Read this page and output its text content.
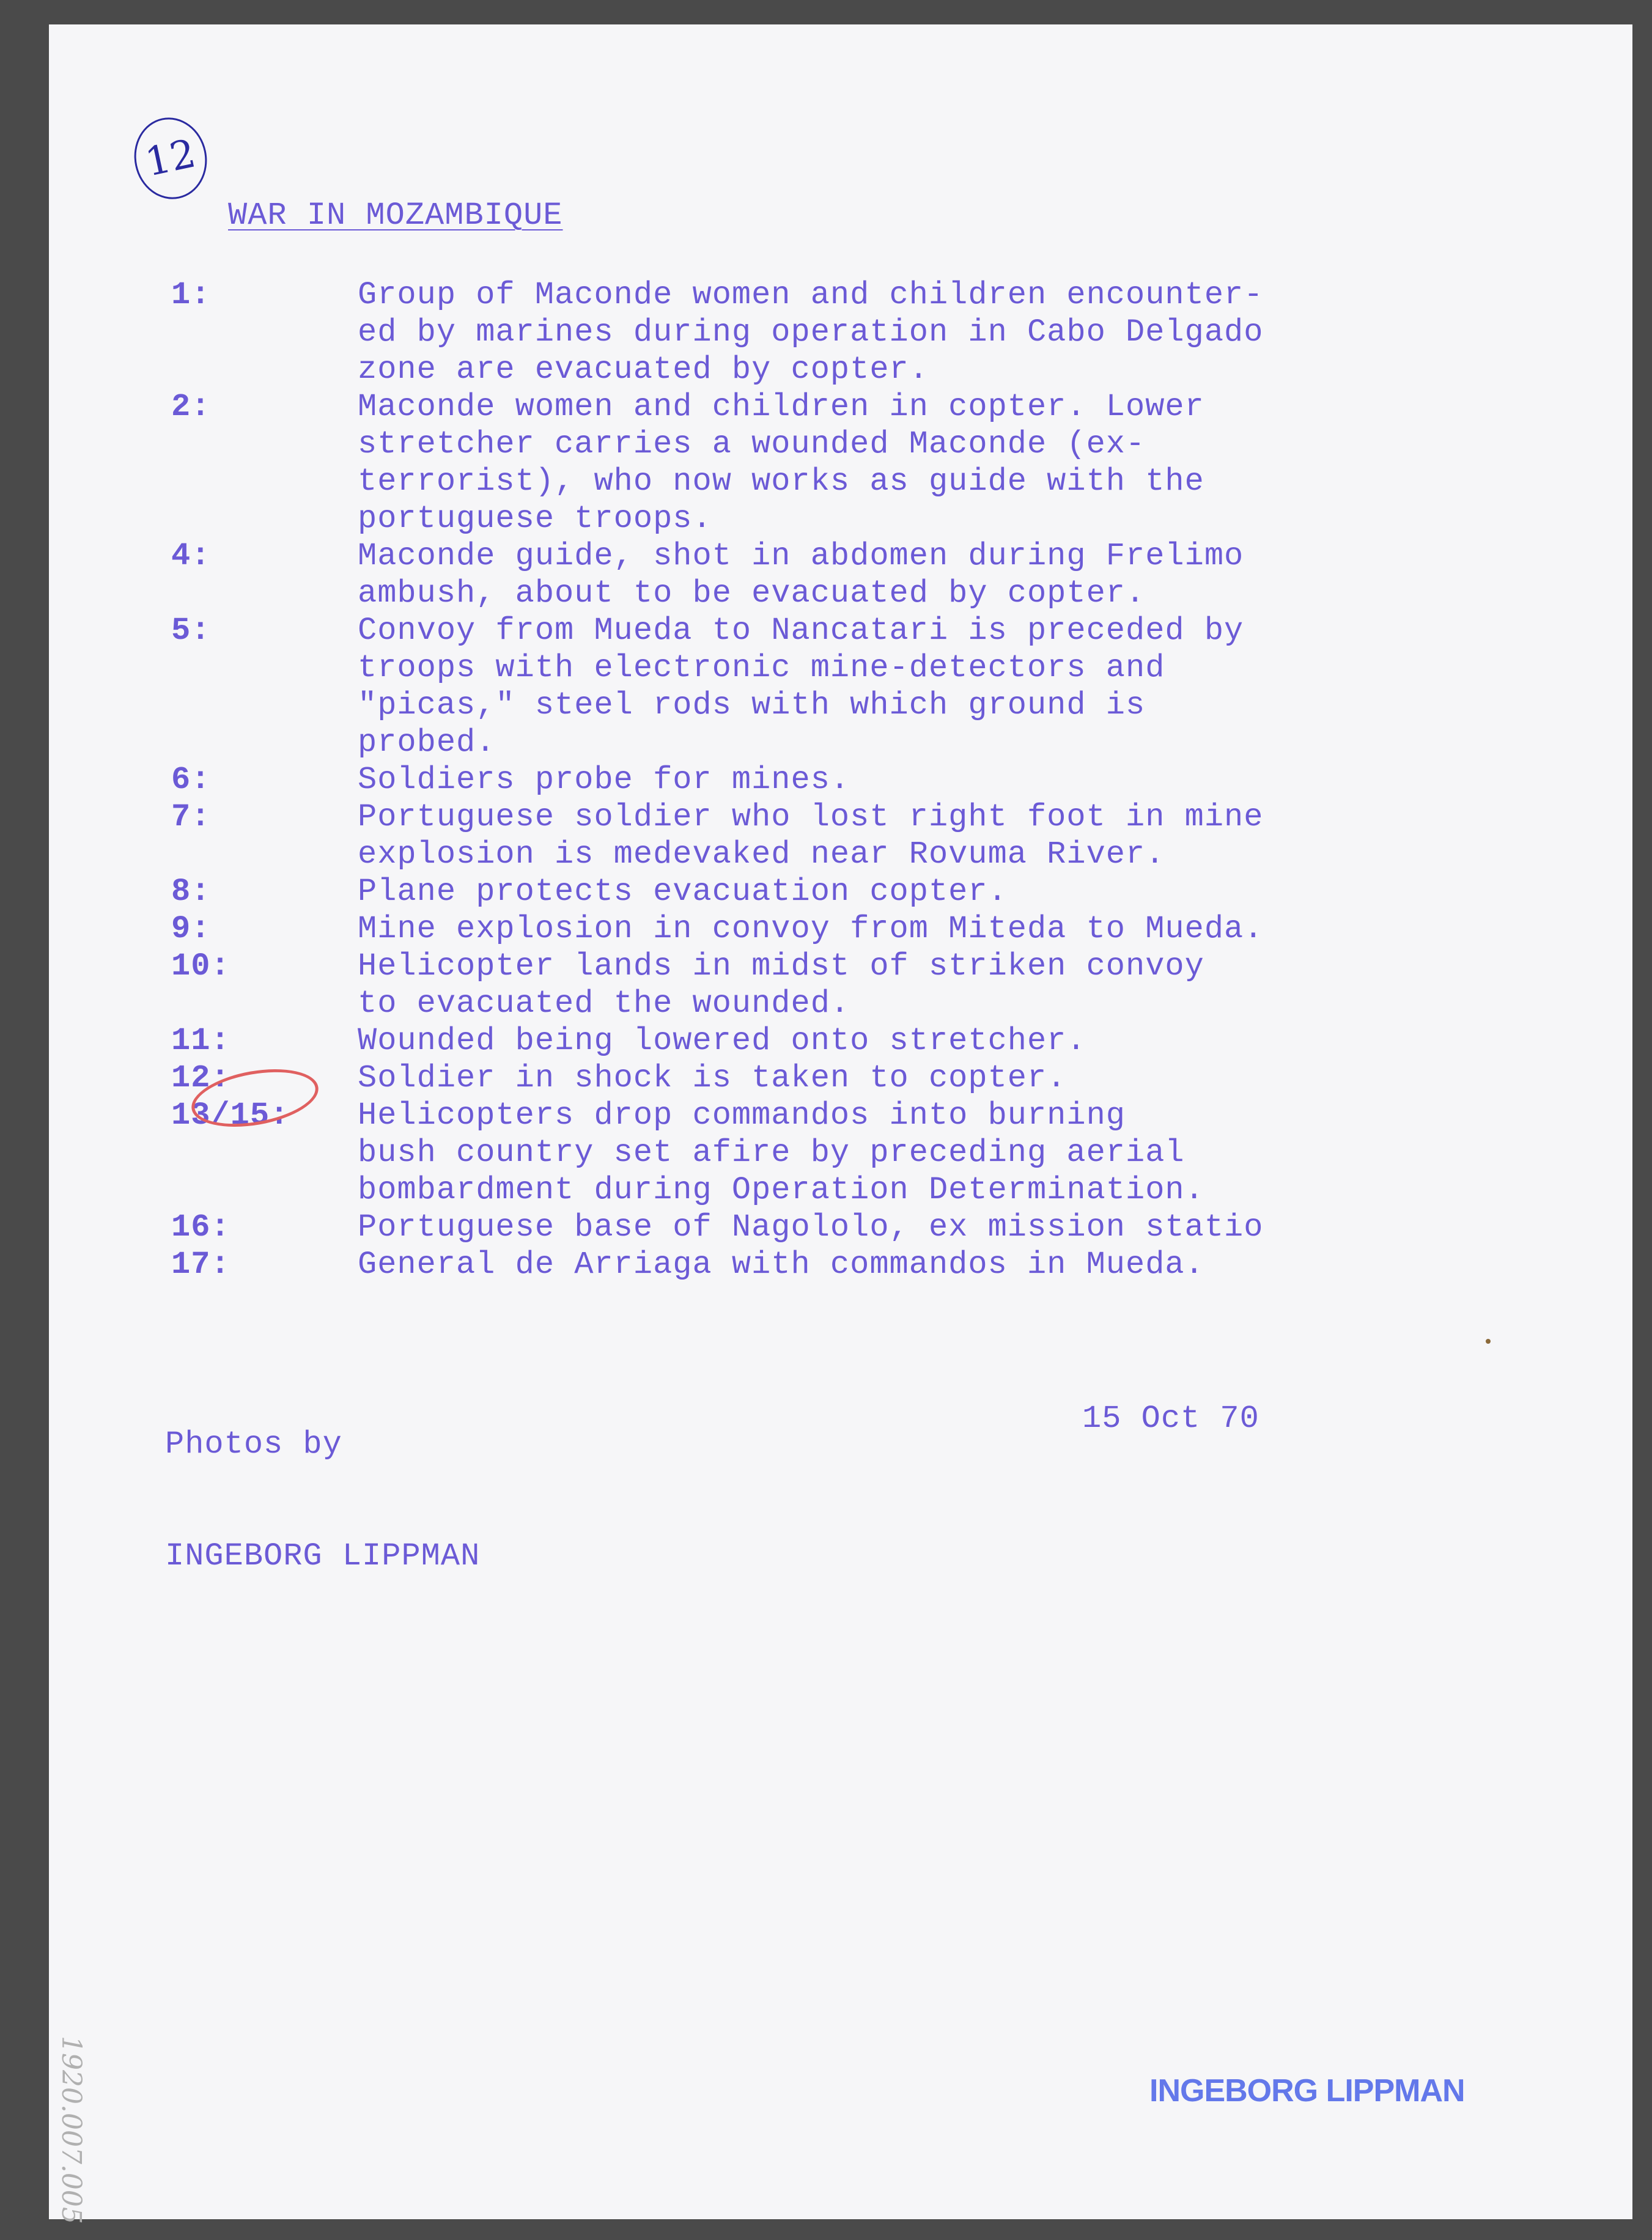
12
WAR IN MOZAMBIQUE
1:	Group of Maconde women and children encounter-
ed by marines during operation in Cabo Delgado
zone are evacuated by copter.
2:	Maconde women and children in copter. Lower
stretcher carries a wounded Maconde (ex-
terrorist), who now works as guide with the
portuguese troops.
4:	Maconde guide, shot in abdomen during Frelimo
ambush, about to be evacuated by copter.
5:	Convoy from Mueda to Nancatari is preceded by
troops with electronic mine-detectors and
"picas," steel rods with which ground is
probed.
6:	Soldiers probe for mines.
7:	Portuguese soldier who lost right foot in mine
explosion is medevaked near Rovuma River.
8:	Plane protects evacuation copter.
9:	Mine explosion in convoy from Miteda to Mueda.
10:	Helicopter lands in midst of striken convoy
to evacuated the wounded.
11:	Wounded being lowered onto stretcher.
12:	Soldier in shock is taken to copter.
13/15: Helicopters drop commandos into burning
bush country set afire by preceding aerial
bombardment during Operation Determination.
16:	Portuguese base of Nagololo, ex mission statio
17:	General de Arriaga with commandos in Mueda.

Photos by

INGEBORG LIPPMAN

15 Oct 70
1920.007.005	INGEBORG LIPPMAN
